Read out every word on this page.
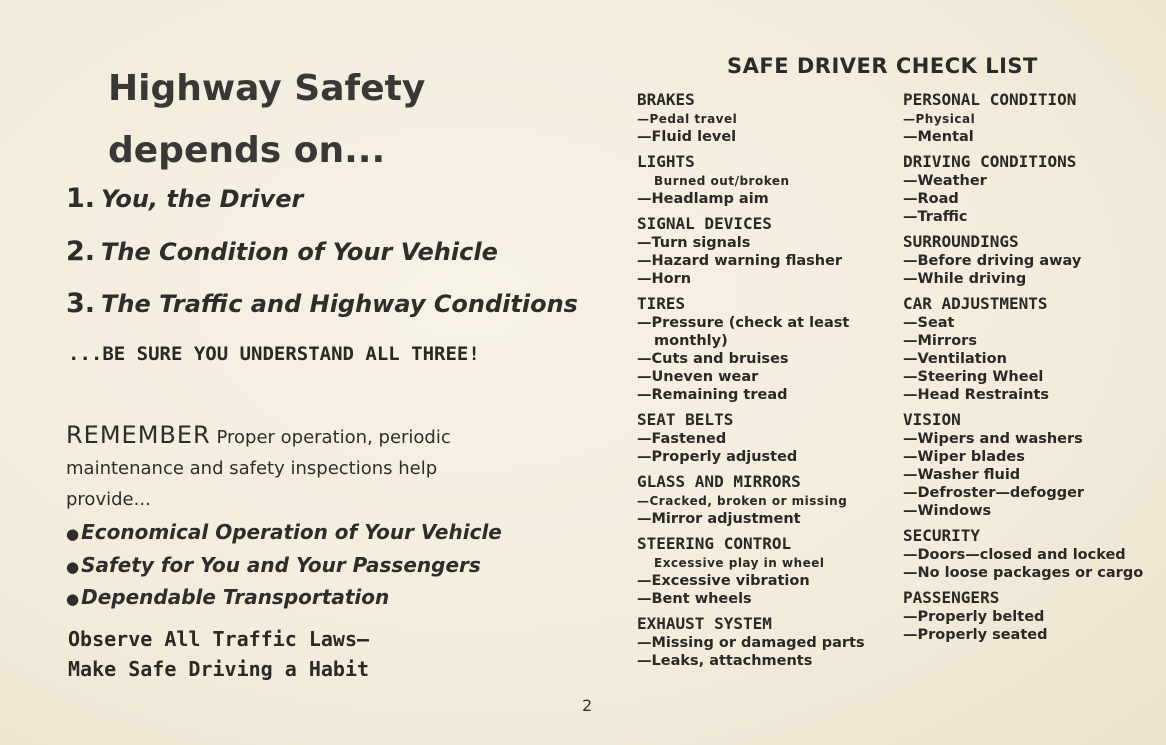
Highway Safety
depends on...
1. You, the Driver
2. The Condition of Your Vehicle
3. The Traffic and Highway Conditions
...BE SURE YOU UNDERSTAND ALL THREE!
REMEMBER Proper operation, periodic maintenance and safety inspections help provide...
● Economical Operation of Your Vehicle
● Safety for You and Your Passengers
● Dependable Transportation
Observe All Traffic Laws—
Make Safe Driving a Habit
SAFE DRIVER CHECK LIST
BRAKES
—Pedal travel
—Fluid level
LIGHTS
Burned out/broken
—Headlamp aim
SIGNAL DEVICES
—Turn signals
—Hazard warning flasher
—Horn
TIRES
—Pressure (check at least
monthly)
—Cuts and bruises
—Uneven wear
—Remaining tread
SEAT BELTS
—Fastened
—Properly adjusted
GLASS AND MIRRORS
—Cracked, broken or missing
—Mirror adjustment
STEERING CONTROL
Excessive play in wheel
—Excessive vibration
—Bent wheels
EXHAUST SYSTEM
—Missing or damaged parts
—Leaks, attachments
PERSONAL CONDITION
—Physical
—Mental
DRIVING CONDITIONS
—Weather
—Road
—Traffic
SURROUNDINGS
—Before driving away
—While driving
CAR ADJUSTMENTS
—Seat
—Mirrors
—Ventilation
—Steering Wheel
—Head Restraints
VISION
—Wipers and washers
—Wiper blades
—Washer fluid
—Defroster—defogger
—Windows
SECURITY
—Doors—closed and locked
—No loose packages or cargo
PASSENGERS
—Properly belted
—Properly seated
2
